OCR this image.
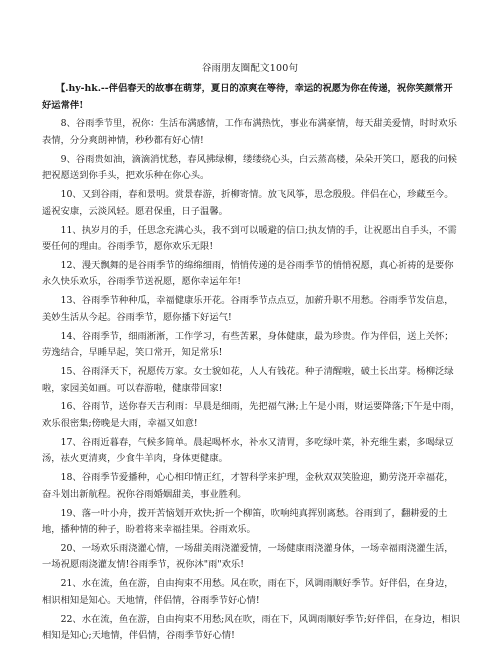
谷雨朋友圈配文100句

【.hy-hk.--伴侣春天的故事在萌芽，夏日的凉爽在等待，幸运的祝愿为你在传递，祝你笑颜常开好运常伴!

8、谷雨季节里，祝你：生活布满感情，工作布满热忱，事业布满豪情，每天甜美爱情，时时欢乐表情，分分爽朗神情，秒秒都有好心情!

9、谷雨贵如油，滴滴消忧愁，春风拂绿柳，缕缕绕心头，白云蒸高楼，朵朵开笑口，愿我的问候把祝愿送到你手头，把欢乐种在你心头。

10、又到谷雨，春和景明。赏景春游，折柳寄情。放飞风筝，思念殷殷。伴侣在心，珍藏至今。遥祝安康，云淡风轻。愿君保重，日子温馨。

11、执岁月的手，任思念充满心头，我不到可以暖避的信口;执友情的手，让祝愿出自手头，不需要任何的理由。谷雨季节，愿你欢乐无限!

12、漫天飘舞的是谷雨季节的绵绵细雨，悄悄传递的是谷雨季节的悄悄祝愿，真心祈祷的是要你永久快乐欢乐，谷雨季节送祝愿，愿你幸运年年!

13、谷雨季节种种瓜，幸福健康乐开花。谷雨季节点点豆，加薪升职不用愁。谷雨季节发信息，美妙生活从今起。谷雨季节，愿你播下好运气!

14、谷雨季节，细雨淅淅，工作学习，有些苦累，身体健康，最为珍贵。作为伴侣，送上关怀；劳逸结合，早睡早起，笑口常开，知足常乐!

15、谷雨泽天下，祝愿传万家。女士貌如花，人人有钱花。种子清醒啦，破土长出芽。杨柳泛绿啦，家园美如画。可以春游啦，健康带回家!

16、谷雨节，送你春天吉利雨：早晨是细雨，先把福气淋;上午是小雨，财运要降落;下午是中雨，欢乐很密集;傍晚是大雨，幸福又如意!

17、谷雨近暮春，气候多简单。晨起喝杯水，补水又清胃，多吃绿叶菜，补充维生素，多喝绿豆汤，祛火更清爽，少食牛羊肉，身体更健康。

18、谷雨季节爱播种，心心相印情正红，才智科学来护理，金秋双双笑脸迎，勤劳浇开幸福花，奋斗划出新航程。祝你谷雨婚姻甜美，事业胜利。

19、落一叶小舟，拨开苦恼划开欢快;折一个柳笛，吹响纯真挥别离愁。谷雨到了，翻耕爱的土地，播种情的种子，盼着将来幸福挂果。谷雨欢乐。

20、一场欢乐雨浇灌心情，一场甜美雨浇灌爱情，一场健康雨浇灌身体，一场幸福雨浇灌生活，一场祝愿雨浇灌友情!谷雨季节，祝你沐"雨"欢乐!

21、水在流，鱼在游，自由拘束不用愁。风在吹，雨在下，风调雨顺好季节。好伴侣，在身边，相识相知是知心。天地情，伴侣情，谷雨季节好心情!

22、水在流，鱼在游，自由拘束不用愁;风在吹，雨在下，风调雨顺好季节;好伴侣，在身边，相识相知是知心;天地情，伴侣情，谷雨季节好心情!
